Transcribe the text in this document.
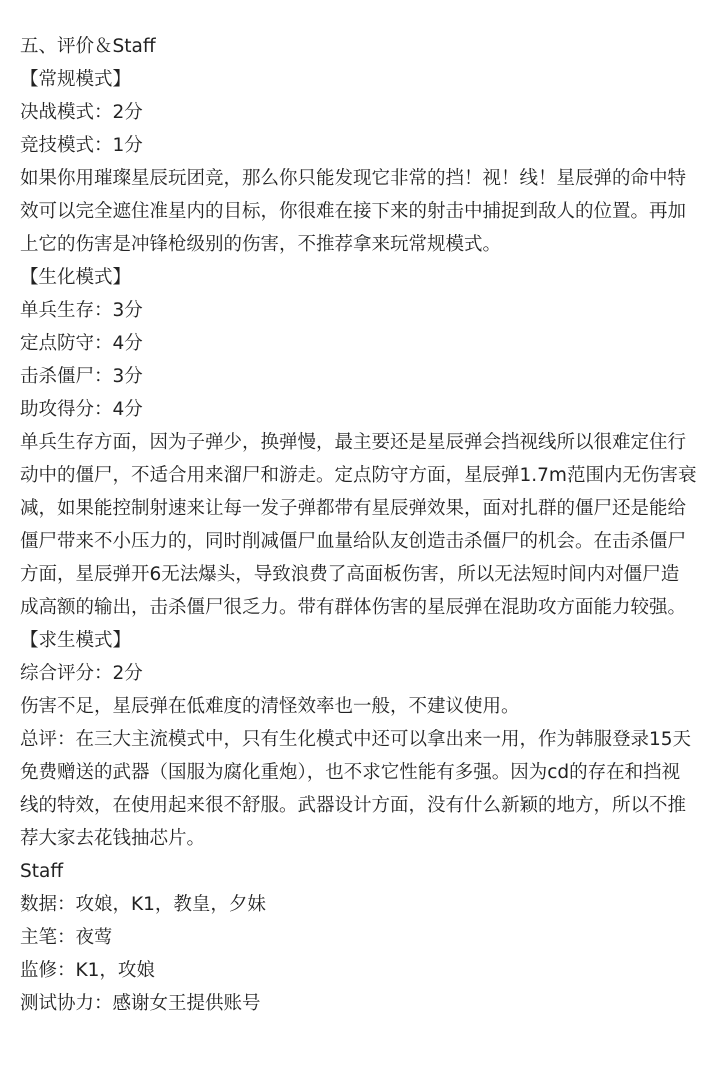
五、评价＆Staff
【常规模式】
决战模式：2分
竞技模式：1分
如果你用璀璨星辰玩团竞，那么你只能发现它非常的挡！视！线！星辰弹的命中特
效可以完全遮住准星内的目标，你很难在接下来的射击中捕捉到敌人的位置。再加
上它的伤害是冲锋枪级别的伤害，不推荐拿来玩常规模式。
【生化模式】
单兵生存：3分
定点防守：4分
击杀僵尸：3分
助攻得分：4分
单兵生存方面，因为子弹少，换弹慢，最主要还是星辰弹会挡视线所以很难定住行
动中的僵尸，不适合用来溜尸和游走。定点防守方面，星辰弹1.7m范围内无伤害衰
减，如果能控制射速来让每一发子弹都带有星辰弹效果，面对扎群的僵尸还是能给
僵尸带来不小压力的，同时削减僵尸血量给队友创造击杀僵尸的机会。在击杀僵尸
方面，星辰弹开6无法爆头，导致浪费了高面板伤害，所以无法短时间内对僵尸造
成高额的输出，击杀僵尸很乏力。带有群体伤害的星辰弹在混助攻方面能力较强。
【求生模式】
综合评分：2分
伤害不足，星辰弹在低难度的清怪效率也一般，不建议使用。
总评：在三大主流模式中，只有生化模式中还可以拿出来一用，作为韩服登录15天
免费赠送的武器（国服为腐化重炮），也不求它性能有多强。因为cd的存在和挡视
线的特效，在使用起来很不舒服。武器设计方面，没有什么新颖的地方，所以不推
荐大家去花钱抽芯片。
Staff
数据：攻娘，K1，教皇，夕妹
主笔：夜莺
监修：K1，攻娘
测试协力：感谢女王提供账号
